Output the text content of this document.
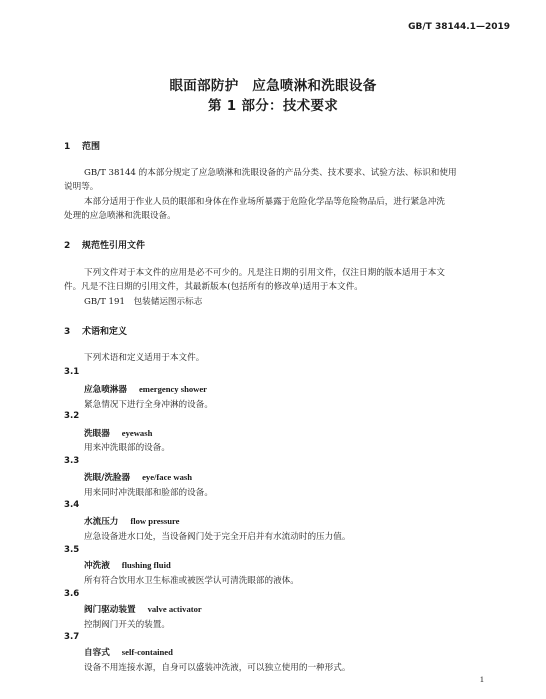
GB/T 38144.1—2019
眼面部防护　应急喷淋和洗眼设备
第 1 部分：技术要求
1 范围
GB/T 38144 的本部分规定了应急喷淋和洗眼设备的产品分类、技术要求、试验方法、标识和使用
说明等。
本部分适用于作业人员的眼部和身体在作业场所暴露于危险化学品等危险物品后，进行紧急冲洗
处理的应急喷淋和洗眼设备。
2 规范性引用文件
下列文件对于本文件的应用是必不可少的。凡是注日期的引用文件，仅注日期的版本适用于本文
件。凡是不注日期的引用文件，其最新版本(包括所有的修改单)适用于本文件。
GB/T 191　包装储运图示标志
3 术语和定义
下列术语和定义适用于本文件。
3.1
应急喷淋器 emergency shower
紧急情况下进行全身冲淋的设备。
3.2
洗眼器 eyewash
用来冲洗眼部的设备。
3.3
洗眼/洗脸器 eye/face wash
用来同时冲洗眼部和脸部的设备。
3.4
水流压力 flow pressure
应急设备进水口处，当设备阀门处于完全开启并有水流动时的压力值。
3.5
冲洗液 flushing fluid
所有符合饮用水卫生标准或被医学认可清洗眼部的液体。
3.6
阀门驱动装置 valve activator
控制阀门开关的装置。
3.7
自容式 self-contained
设备不用连接水源，自身可以盛装冲洗液，可以独立使用的一种形式。
1
